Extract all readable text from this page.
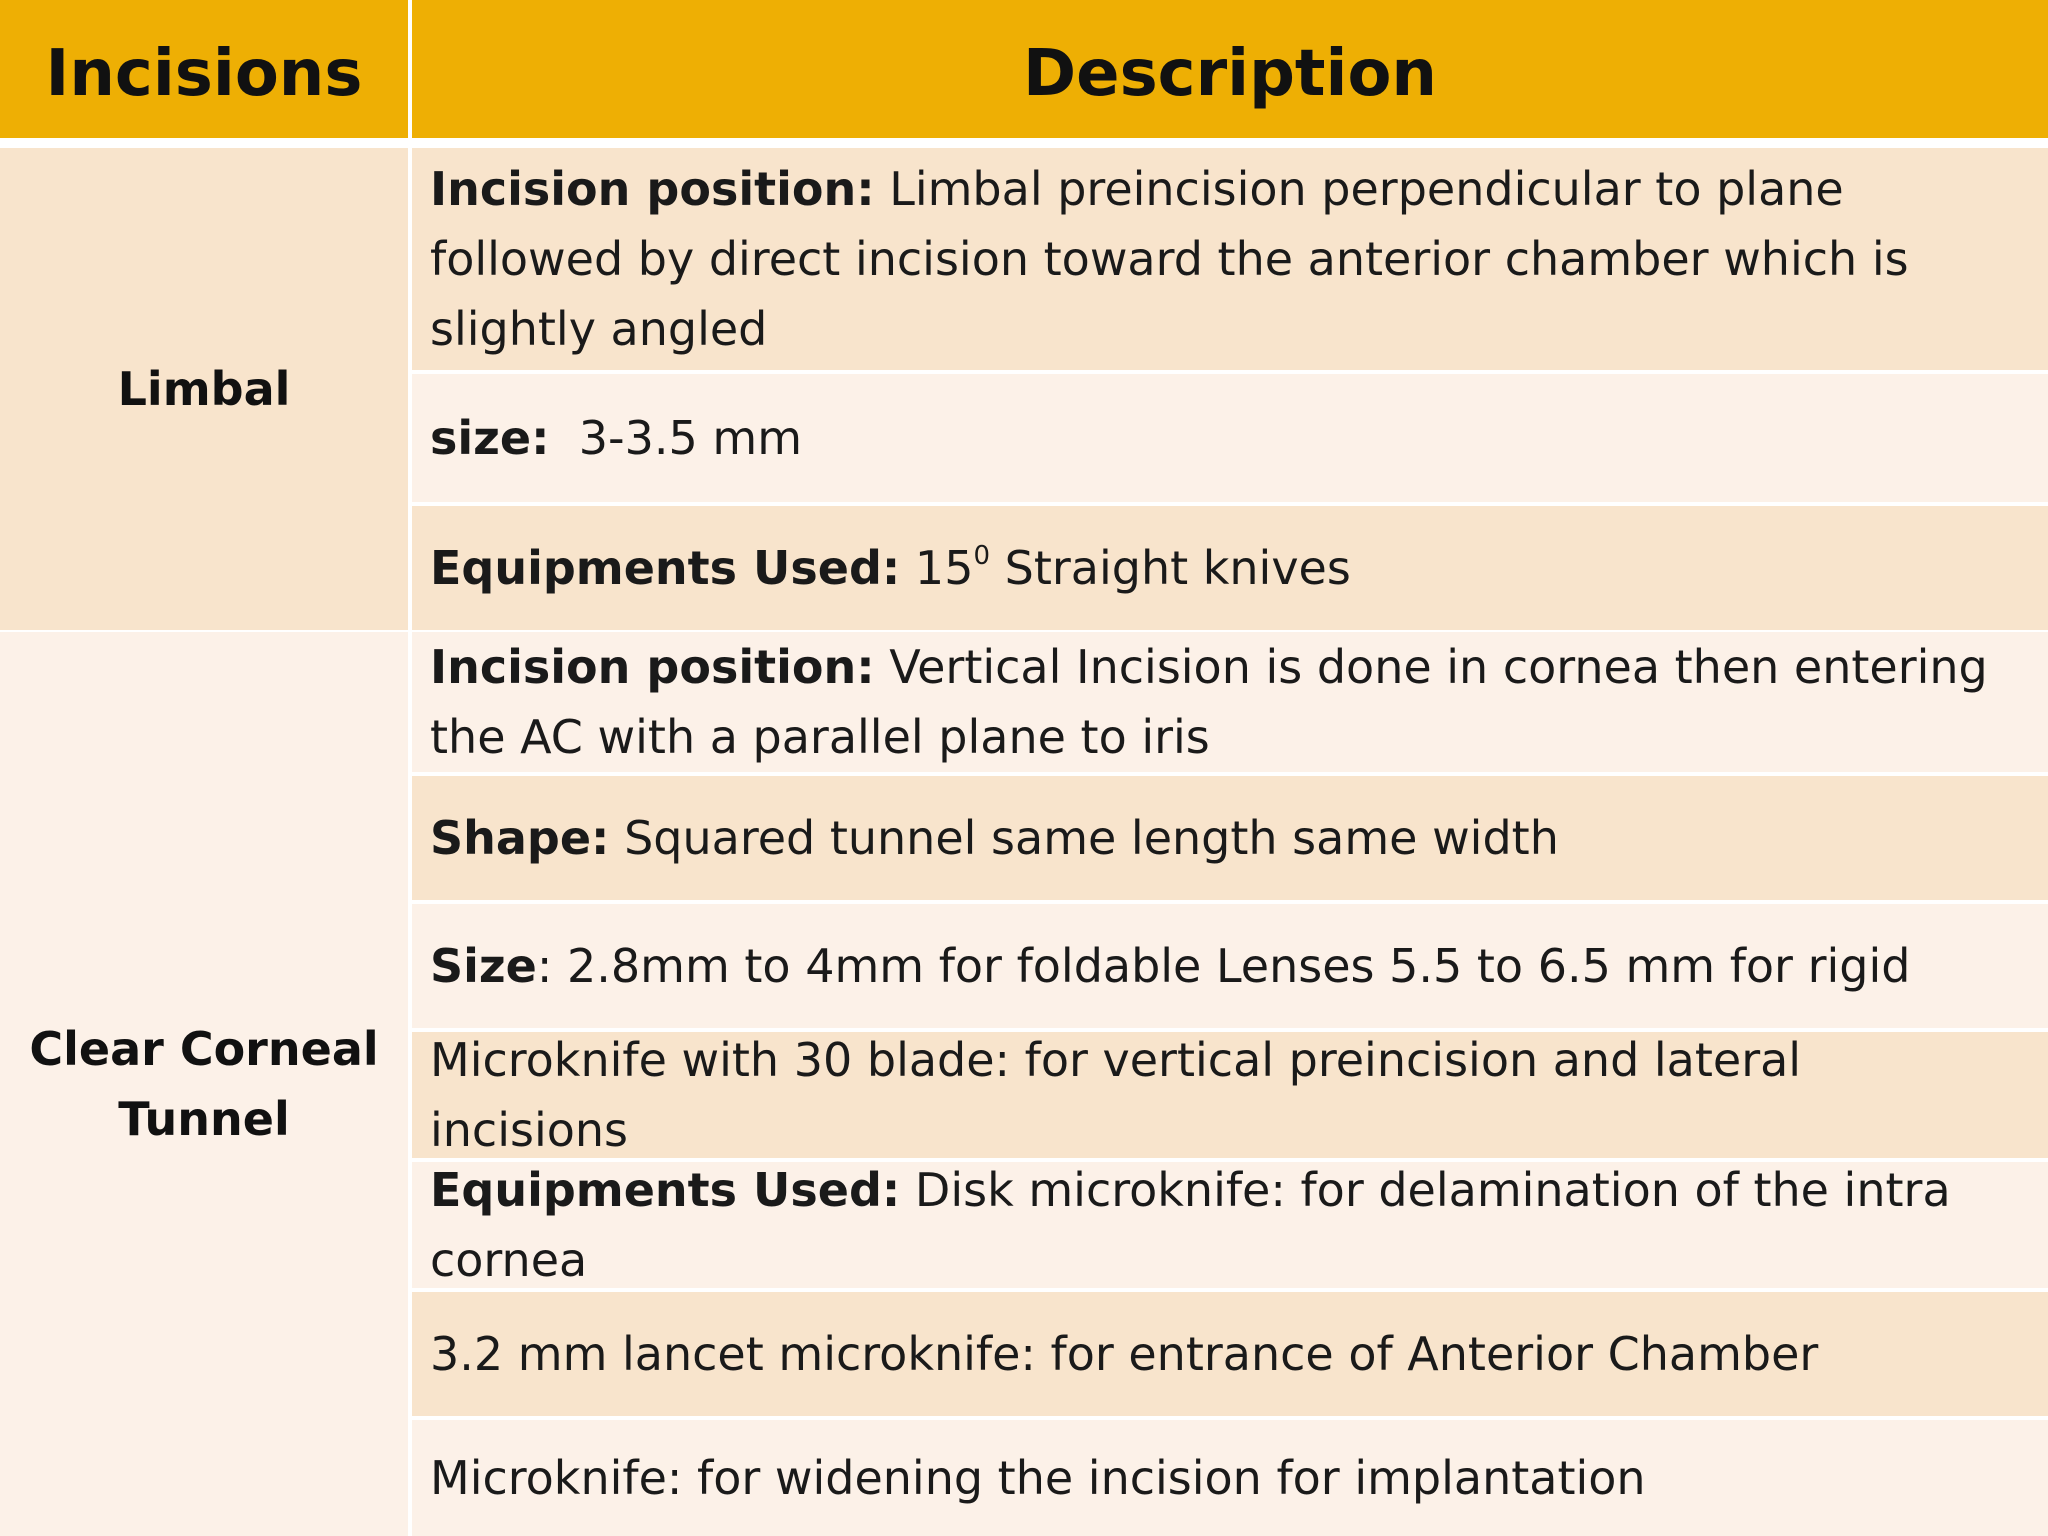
Incisions	Description
Limbal
Incision position: Limbal preincision perpendicular to plane followed by direct incision toward the anterior chamber which is slightly angled
size:  3-3.5 mm
Equipments Used: $15^0$ Straight knives
Clear Corneal
Tunnel
Incision position: Vertical Incision is done in cornea then entering the AC with a parallel plane to iris
Shape: Squared tunnel same length same width
Size: 2.8mm to 4mm for foldable Lenses 5.5 to 6.5 mm for rigid
Microknife with 30 blade: for vertical preincision and lateral incisions
Equipments Used: Disk microknife: for delamination of the intra cornea
3.2 mm lancet microknife: for entrance of Anterior Chamber
Microknife: for widening the incision for implantation
